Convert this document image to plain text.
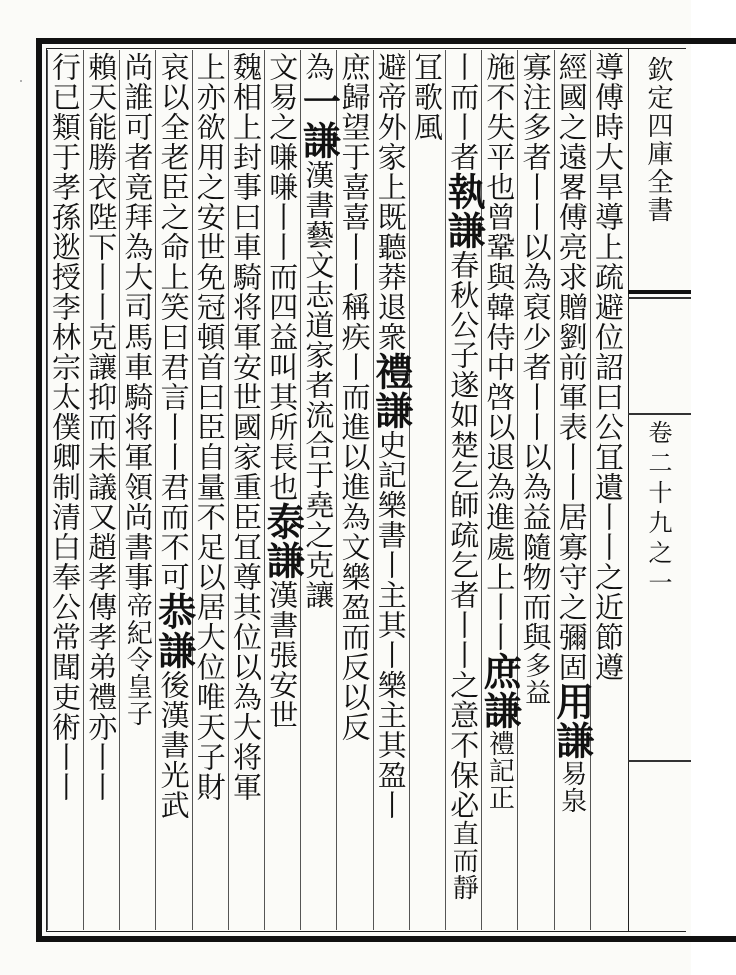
欽定四庫全書
卷二十九之一
導傅時大旱導上疏避位詔曰公冝遺丨丨之近節遵
經國之遠畧傅亮求贈劉前軍表丨丨居寡守之彌固用謙易泉
寡注多者丨丨以為裒少者丨丨以為益隨物而與多益
施不失平也曾鞏與韓侍中啓以退為進處上丨丨庶謙禮記正
丨而丨者執謙春秋公子遂如楚乞師疏乞者丨丨之意不保必直而靜
冝歌風
避帝外家上既聽莽退衆禮謙史記樂書丨主其丨樂主其盈丨
庶歸望于喜喜丨丨稱疾丨而進以進為文樂盈而反以反
為一謙漢書藝文志道家者流合于堯之克讓
文易之嗛嗛丨丨而四益叫其所長也泰謙漢書張安世
魏相上封事曰車騎将軍安世國家重臣冝尊其位以為大将軍
上亦欲用之安世免冠頓首曰臣自量不足以居大位唯天子財
哀以全老臣之命上笑曰君言丨丨君而不可恭謙後漢書光武
尚誰可者竟拜為大司馬車騎将軍領尚書事帝紀令皇子
賴天能勝衣陛下丨丨克讓抑而未議又趙孝傳孝弟禮亦丨丨
行已類于孝孫逖授李林宗太僕卿制清白奉公常聞吏術丨丨
